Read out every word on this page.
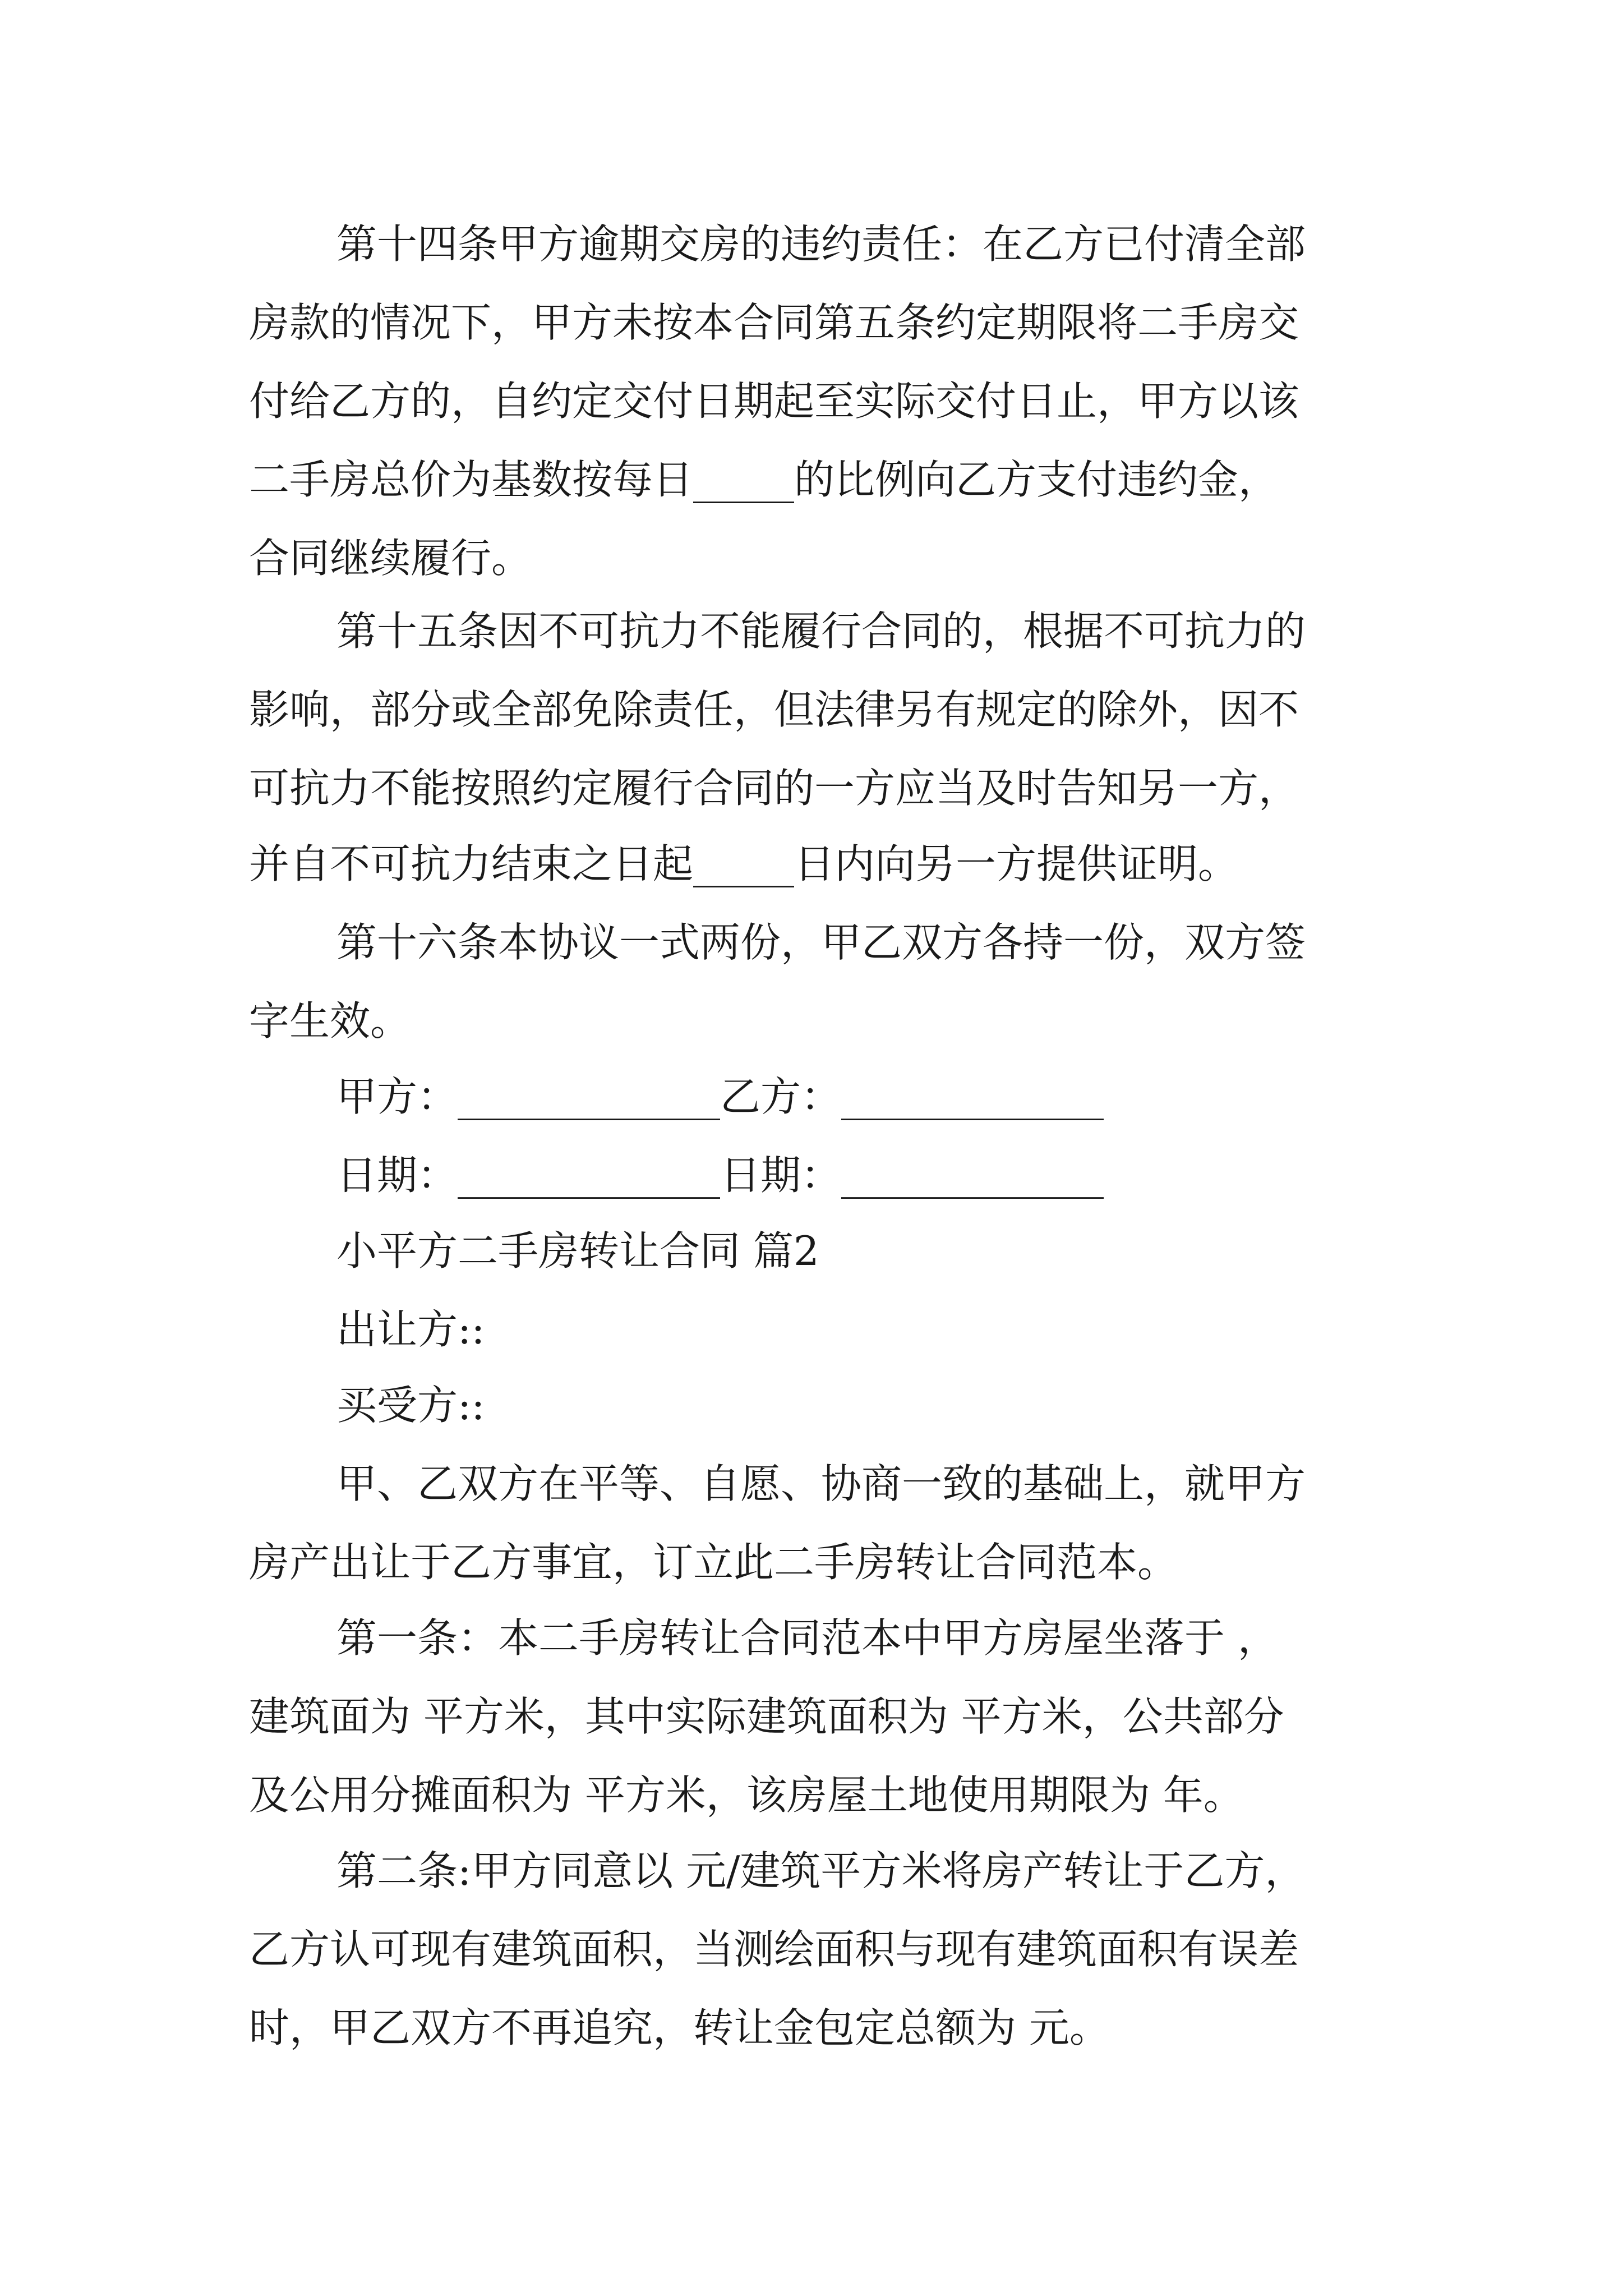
第十四条甲方逾期交房的违约责任：在乙方已付清全部

房款的情况下，甲方未按本合同第五条约定期限将二手房交

付给乙方的，自约定交付日期起至实际交付日止，甲方以该

二手房总价为基数按每日_____的比例向乙方支付违约金，

合同继续履行。

第十五条因不可抗力不能履行合同的，根据不可抗力的

影响，部分或全部免除责任，但法律另有规定的除外，因不

可抗力不能按照约定履行合同的一方应当及时告知另一方，

并自不可抗力结束之日起_____日内向另一方提供证明。

第十六条本协议一式两份，甲乙双方各持一份，双方签

字生效。

甲方：_____________乙方：_____________

日期：_____________日期：_____________

小平方二手房转让合同 篇2

出让方::

买受方::

甲、乙双方在平等、自愿、协商一致的基础上，就甲方

房产出让于乙方事宜，订立此二手房转让合同范本。

第一条：本二手房转让合同范本中甲方房屋坐落于 ，

建筑面为 平方米，其中实际建筑面积为 平方米，公共部分

及公用分摊面积为 平方米，该房屋土地使用期限为 年。

第二条:甲方同意以 元/建筑平方米将房产转让于乙方，

乙方认可现有建筑面积，当测绘面积与现有建筑面积有误差

时，甲乙双方不再追究，转让金包定总额为 元。
